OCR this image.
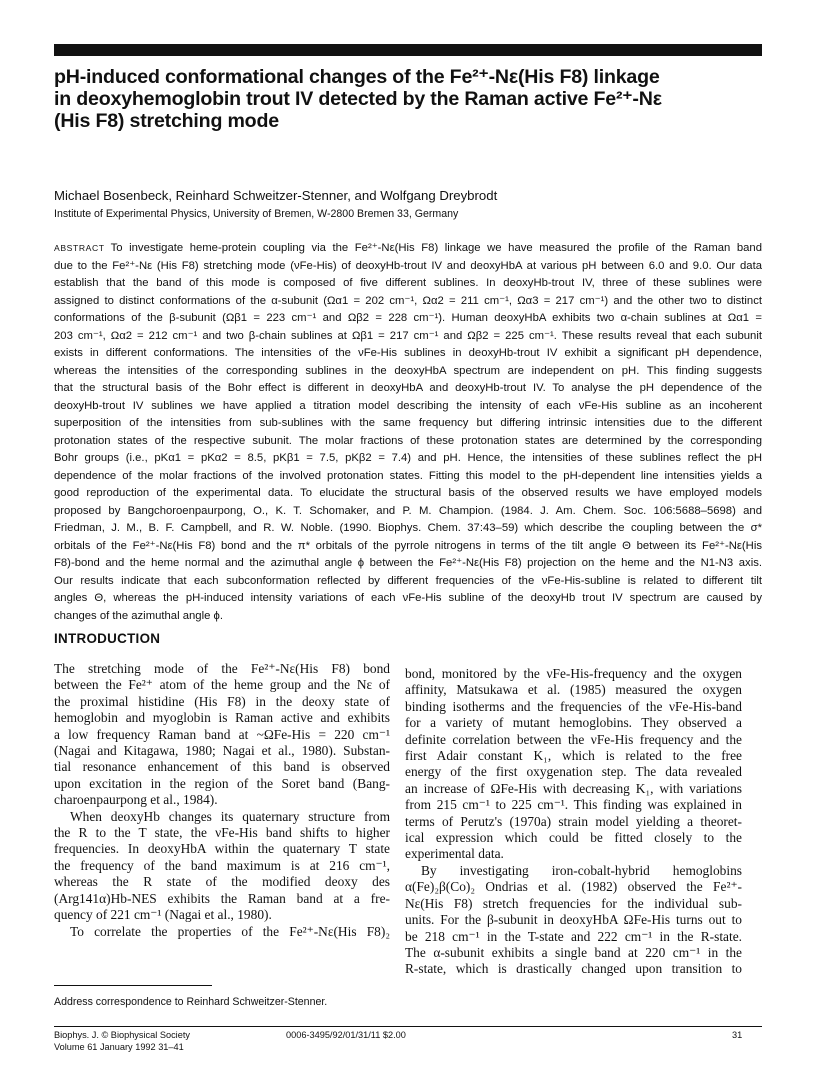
pH-induced conformational changes of the Fe²⁺-Nε(His F8) linkage
in deoxyhemoglobin trout IV detected by the Raman active Fe²⁺-Nε
(His F8) stretching mode
Michael Bosenbeck, Reinhard Schweitzer-Stenner, and Wolfgang Dreybrodt
Institute of Experimental Physics, University of Bremen, W-2800 Bremen 33, Germany
ABSTRACT To investigate heme-protein coupling via the Fe²⁺-Nε(His F8) linkage we have measured the profile of the Raman band
due to the Fe²⁺-Nε (His F8) stretching mode (νFe-His) of deoxyHb-trout IV and deoxyHbA at various pH between 6.0 and 9.0. Our data
establish that the band of this mode is composed of five different sublines. In deoxyHb-trout IV, three of these sublines were
assigned to distinct conformations of the α-subunit (Ωα1 = 202 cm⁻¹, Ωα2 = 211 cm⁻¹, Ωα3 = 217 cm⁻¹) and the other two to distinct
conformations of the β-subunit (Ωβ1 = 223 cm⁻¹ and Ωβ2 = 228 cm⁻¹). Human deoxyHbA exhibits two α-chain sublines at Ωα1 =
203 cm⁻¹, Ωα2 = 212 cm⁻¹ and two β-chain sublines at Ωβ1 = 217 cm⁻¹ and Ωβ2 = 225 cm⁻¹. These results reveal that each subunit
exists in different conformations. The intensities of the νFe-His sublines in deoxyHb-trout IV exhibit a significant pH dependence,
whereas the intensities of the corresponding sublines in the deoxyHbA spectrum are independent on pH. This finding suggests
that the structural basis of the Bohr effect is different in deoxyHbA and deoxyHb-trout IV. To analyse the pH dependence of the
deoxyHb-trout IV sublines we have applied a titration model describing the intensity of each νFe-His subline as an incoherent
superposition of the intensities from sub-sublines with the same frequency but differing intrinsic intensities due to the different
protonation states of the respective subunit. The molar fractions of these protonation states are determined by the corresponding
Bohr groups (i.e., pKα1 = pKα2 = 8.5, pKβ1 = 7.5, pKβ2 = 7.4) and pH. Hence, the intensities of these sublines reflect the pH
dependence of the molar fractions of the involved protonation states. Fitting this model to the pH-dependent line intensities yields a
good reproduction of the experimental data. To elucidate the structural basis of the observed results we have employed models
proposed by Bangchoroenpaurpong, O., K. T. Schomaker, and P. M. Champion. (1984. J. Am. Chem. Soc. 106:5688–5698) and
Friedman, J. M., B. F. Campbell, and R. W. Noble. (1990. Biophys. Chem. 37:43–59) which describe the coupling between the σ*
orbitals of the Fe²⁺-Nε(His F8) bond and the π* orbitals of the pyrrole nitrogens in terms of the tilt angle Θ between its Fe²⁺-Nε(His
F8)-bond and the heme normal and the azimuthal angle ϕ between the Fe²⁺-Nε(His F8) projection on the heme and the N1-N3 axis.
Our results indicate that each subconformation reflected by different frequencies of the νFe-His-subline is related to different tilt
angles Θ, whereas the pH-induced intensity variations of each νFe-His subline of the deoxyHb trout IV spectrum are caused by
changes of the azimuthal angle ϕ.
INTRODUCTION
The stretching mode of the Fe²⁺-Nε(His F8) bond
between the Fe²⁺ atom of the heme group and the Nε of
the proximal histidine (His F8) in the deoxy state of
hemoglobin and myoglobin is Raman active and exhibits
a low frequency Raman band at ~ΩFe-His = 220 cm⁻¹
(Nagai and Kitagawa, 1980; Nagai et al., 1980). Substan-
tial resonance enhancement of this band is observed
upon excitation in the region of the Soret band (Bang-
charoenpaurpong et al., 1984).
When deoxyHb changes its quaternary structure from
the R to the T state, the νFe-His band shifts to higher
frequencies. In deoxyHbA within the quaternary T state
the frequency of the band maximum is at 216 cm⁻¹,
whereas the R state of the modified deoxy des
(Arg141α)Hb-NES exhibits the Raman band at a fre-
quency of 221 cm⁻¹ (Nagai et al., 1980).
To correlate the properties of the Fe²⁺-Nε(His F8)₂
bond, monitored by the νFe-His-frequency and the oxygen
affinity, Matsukawa et al. (1985) measured the oxygen
binding isotherms and the frequencies of the νFe-His-band
for a variety of mutant hemoglobins. They observed a
definite correlation between the νFe-His frequency and the
first Adair constant K₁, which is related to the free
energy of the first oxygenation step. The data revealed
an increase of ΩFe-His with decreasing K₁, with variations
from 215 cm⁻¹ to 225 cm⁻¹. This finding was explained in
terms of Perutz's (1970a) strain model yielding a theoret-
ical expression which could be fitted closely to the
experimental data.
By investigating iron-cobalt-hybrid hemoglobins
α(Fe)₂β(Co)₂ Ondrias et al. (1982) observed the Fe²⁺-
Nε(His F8) stretch frequencies for the individual sub-
units. For the β-subunit in deoxyHbA ΩFe-His turns out to
be 218 cm⁻¹ in the T-state and 222 cm⁻¹ in the R-state.
The α-subunit exhibits a single band at 220 cm⁻¹ in the
R-state, which is drastically changed upon transition to
Address correspondence to Reinhard Schweitzer-Stenner.
Biophys. J. © Biophysical Society
Volume 61 January 1992 31–41
0006-3495/92/01/31/11 $2.00	31
